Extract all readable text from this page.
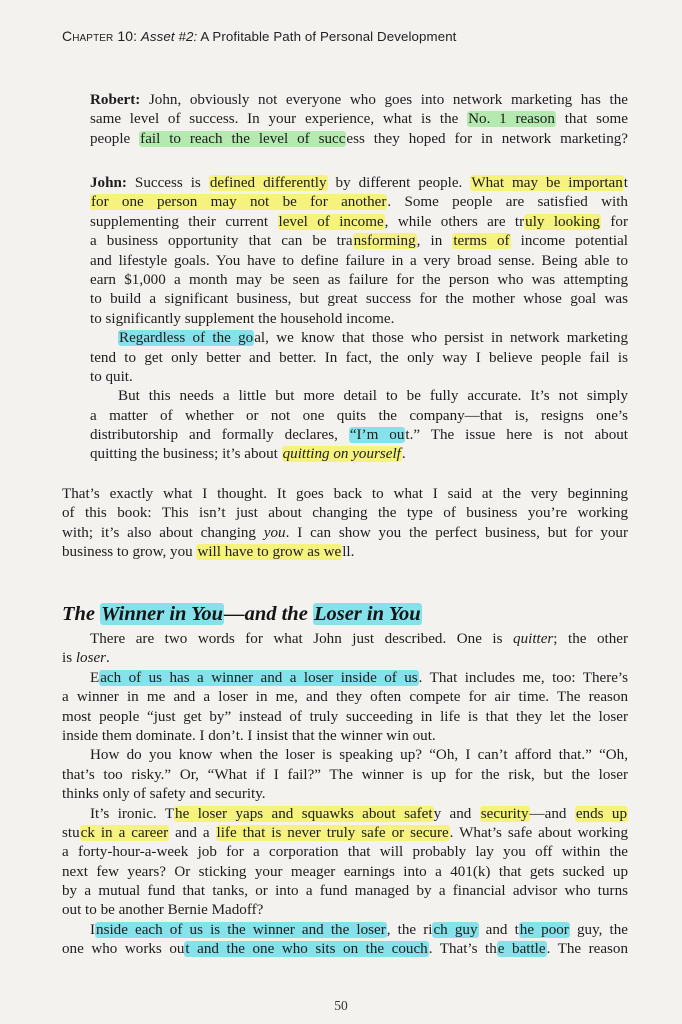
Chapter 10: Asset #2: A Profitable Path of Personal Development
Robert: John, obviously not everyone who goes into network marketing has the
same level of success. In your experience, what is the No. 1 reason that some
people fail to reach the level of success they hoped for in network marketing?
John: Success is defined differently by different people. What may be important
for one person may not be for another. Some people are satisfied with
supplementing their current level of income, while others are truly looking for
a business opportunity that can be transforming, in terms of income potential
and lifestyle goals. You have to define failure in a very broad sense. Being able to
earn $1,000 a month may be seen as failure for the person who was attempting
to build a significant business, but great success for the mother whose goal was
to significantly supplement the household income.
Regardless of the goal, we know that those who persist in network marketing
tend to get only better and better. In fact, the only way I believe people fail is
to quit.
But this needs a little but more detail to be fully accurate. It’s not simply
a matter of whether or not one quits the company—that is, resigns one’s
distributorship and formally declares, “I’m out.” The issue here is not about
quitting the business; it’s about quitting on yourself.
That’s exactly what I thought. It goes back to what I said at the very beginning
of this book: This isn’t just about changing the type of business you’re working
with; it’s also about changing you. I can show you the perfect business, but for your
business to grow, you will have to grow as well.
The Winner in You—and the Loser in You
There are two words for what John just described. One is quitter; the other
is loser.
Each of us has a winner and a loser inside of us. That includes me, too: There’s
a winner in me and a loser in me, and they often compete for air time. The reason
most people “just get by” instead of truly succeeding in life is that they let the loser
inside them dominate. I don’t. I insist that the winner win out.
How do you know when the loser is speaking up? “Oh, I can’t afford that.” “Oh,
that’s too risky.” Or, “What if I fail?” The winner is up for the risk, but the loser
thinks only of safety and security.
It’s ironic. The loser yaps and squawks about safety and security—and ends up
stuck in a career and a life that is never truly safe or secure. What’s safe about working
a forty-hour-a-week job for a corporation that will probably lay you off within the
next few years? Or sticking your meager earnings into a 401(k) that gets sucked up
by a mutual fund that tanks, or into a fund managed by a financial advisor who turns
out to be another Bernie Madoff?
Inside each of us is the winner and the loser, the rich guy and the poor guy, the
one who works out and the one who sits on the couch. That’s the battle. The reason
50
